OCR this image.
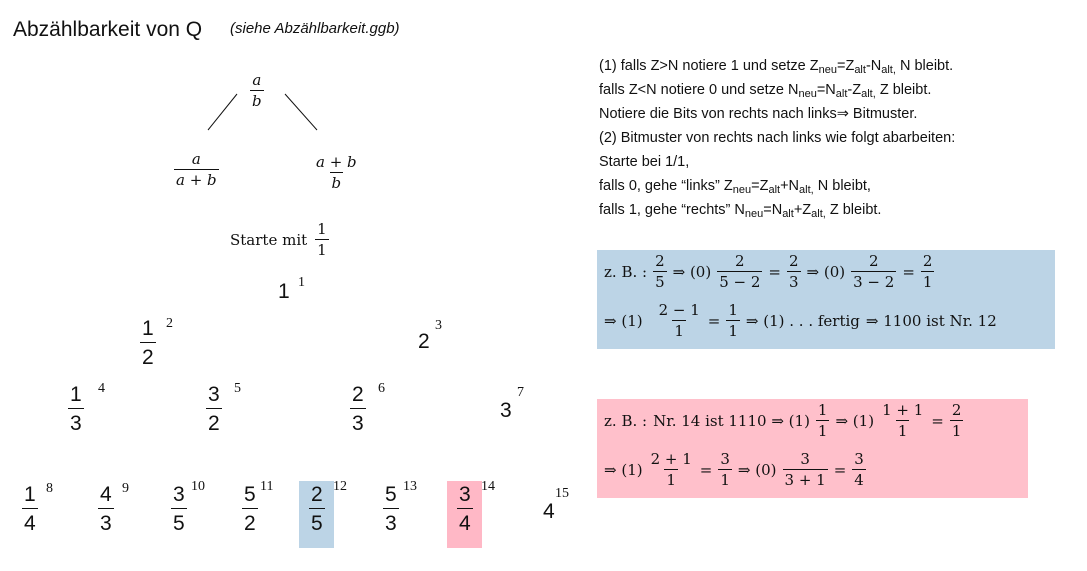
Abzählbarkeit von Q (siehe Abzählbarkeit.ggb)
$\frac{a}{b}$
$\frac{a}{a + b}$	$\frac{a + b}{b}$
Starte mit $\frac{1}{1}$
1 1
$\frac{1}{2} 2$
2
3
$\frac{1}{3} 4$	$\frac{3}{2} 5$	$\frac{2}{3} 6$
3
7
$\frac{1}{4} 8 \frac{4}{3} 9 \frac{3}{5} 10 \frac{5}{2} 11 \frac{2}{5} 12 \frac{5}{3} 13 \frac{3}{4} 14$
4
15
(1) falls Z>N notiere 1 und setze $Z_{neu}=Z_{alt}-N_{alt,}$ N bleibt.
falls Z<N notiere 0 und setze $N_{neu}=N_{alt}-Z_{alt,}$ Z bleibt.
Notiere die Bits von rechts nach links⇒ Bitmuster.
(2) Bitmuster von rechts nach links wie folgt abarbeiten:
Starte bei 1/1,
falls 0, gehe “links” $Z_{neu}=Z_{alt}+N_{alt,}$ N bleibt,
falls 1, gehe “rechts” $N_{neu}=N_{alt}+Z_{alt,}$ Z bleibt.
z. B. : $\frac{2}{5}$ ⇒ $(0) \frac{2}{5 - 2} = \frac{2}{3}$ ⇒ $(0) \frac{2}{3 - 2} = \frac{2}{1}$
⇒ $(1) \frac{2 - 1}{1} = \frac{1}{1}$ ⇒ (1) . . . fertig ⇒ 1100 ist Nr. 12
z. B. : Nr. 14 ist 1110 ⇒ $(1) \frac{1}{1}$ ⇒ $(1) \frac{1 + 1}{1} = \frac{2}{1}$
⇒ $(1) \frac{2 + 1}{1} = \frac{3}{1}$ ⇒ $(0) \frac{3}{3 + 1} = \frac{3}{4}$
